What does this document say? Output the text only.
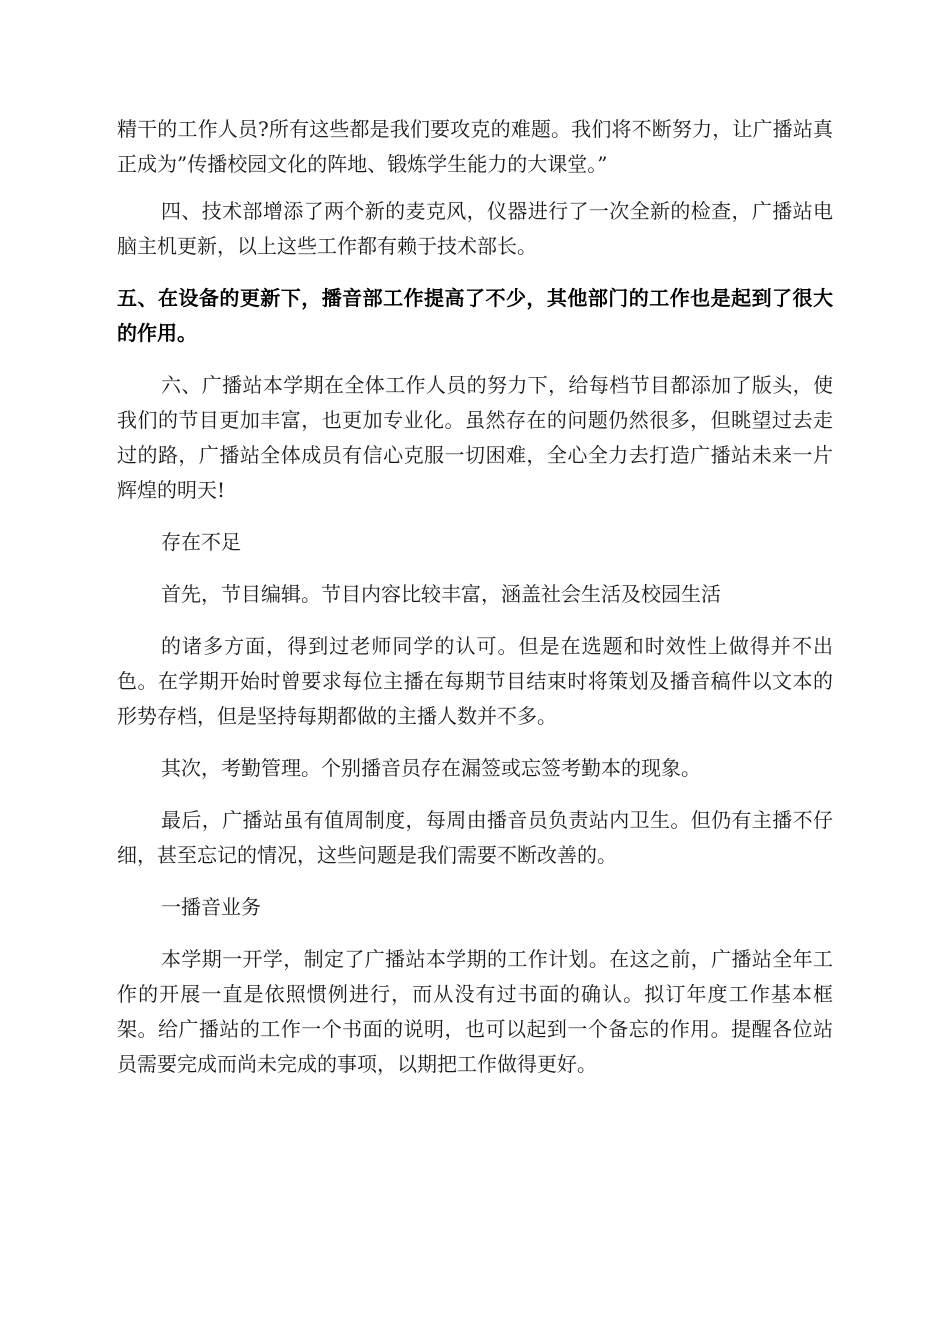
精干的工作人员?所有这些都是我们要攻克的难题。我们将不断努力，让广播站真正成为”传播校园文化的阵地、锻炼学生能力的大课堂。”

四、技术部增添了两个新的麦克风，仪器进行了一次全新的检查，广播站电脑主机更新，以上这些工作都有赖于技术部长。

五、在设备的更新下，播音部工作提高了不少，其他部门的工作也是起到了很大的作用。

六、广播站本学期在全体工作人员的努力下，给每档节目都添加了版头，使我们的节目更加丰富，也更加专业化。虽然存在的问题仍然很多，但眺望过去走过的路，广播站全体成员有信心克服一切困难，全心全力去打造广播站未来一片辉煌的明天!

存在不足

首先，节目编辑。节目内容比较丰富，涵盖社会生活及校园生活

的诸多方面，得到过老师同学的认可。但是在选题和时效性上做得并不出色。在学期开始时曾要求每位主播在每期节目结束时将策划及播音稿件以文本的形势存档，但是坚持每期都做的主播人数并不多。

其次，考勤管理。个别播音员存在漏签或忘签考勤本的现象。

最后，广播站虽有值周制度，每周由播音员负责站内卫生。但仍有主播不仔细，甚至忘记的情况，这些问题是我们需要不断改善的。

一播音业务

本学期一开学，制定了广播站本学期的工作计划。在这之前，广播站全年工作的开展一直是依照惯例进行，而从没有过书面的确认。拟订年度工作基本框架。给广播站的工作一个书面的说明，也可以起到一个备忘的作用。提醒各位站员需要完成而尚未完成的事项，以期把工作做得更好。
